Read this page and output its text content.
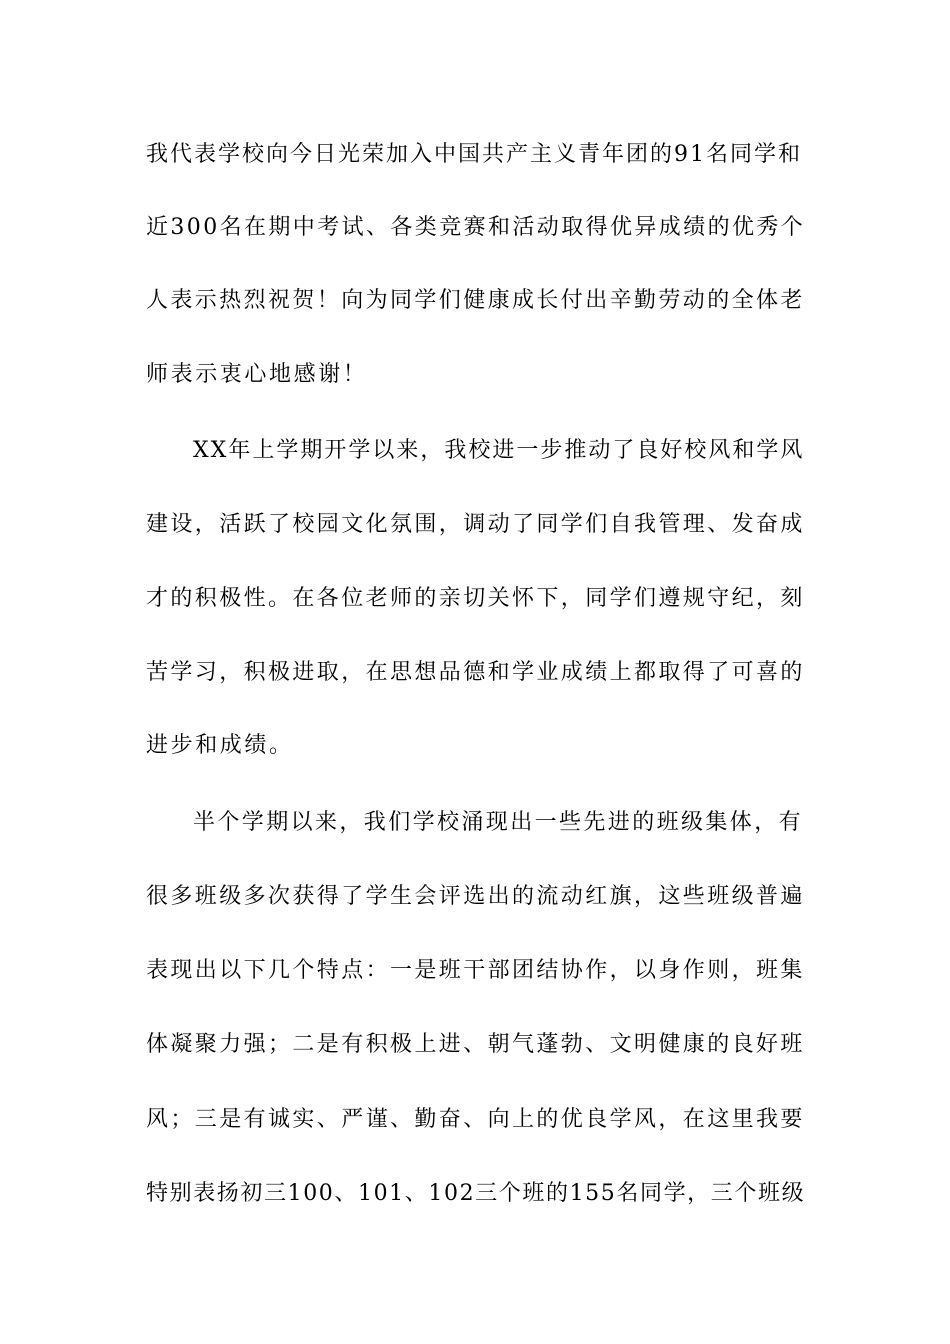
我代表学校向今日光荣加入中国共产主义青年团的91名同学和
近300名在期中考试、各类竞赛和活动取得优异成绩的优秀个
人表示热烈祝贺！向为同学们健康成长付出辛勤劳动的全体老
师表示衷心地感谢！
XX年上学期开学以来，我校进一步推动了良好校风和学风
建设，活跃了校园文化氛围，调动了同学们自我管理、发奋成
才的积极性。在各位老师的亲切关怀下，同学们遵规守纪，刻
苦学习，积极进取，在思想品德和学业成绩上都取得了可喜的
进步和成绩。
半个学期以来，我们学校涌现出一些先进的班级集体，有
很多班级多次获得了学生会评选出的流动红旗，这些班级普遍
表现出以下几个特点：一是班干部团结协作，以身作则，班集
体凝聚力强；二是有积极上进、朝气蓬勃、文明健康的良好班
风；三是有诚实、严谨、勤奋、向上的优良学风，在这里我要
特别表扬初三100、101、102三个班的155名同学，三个班级
